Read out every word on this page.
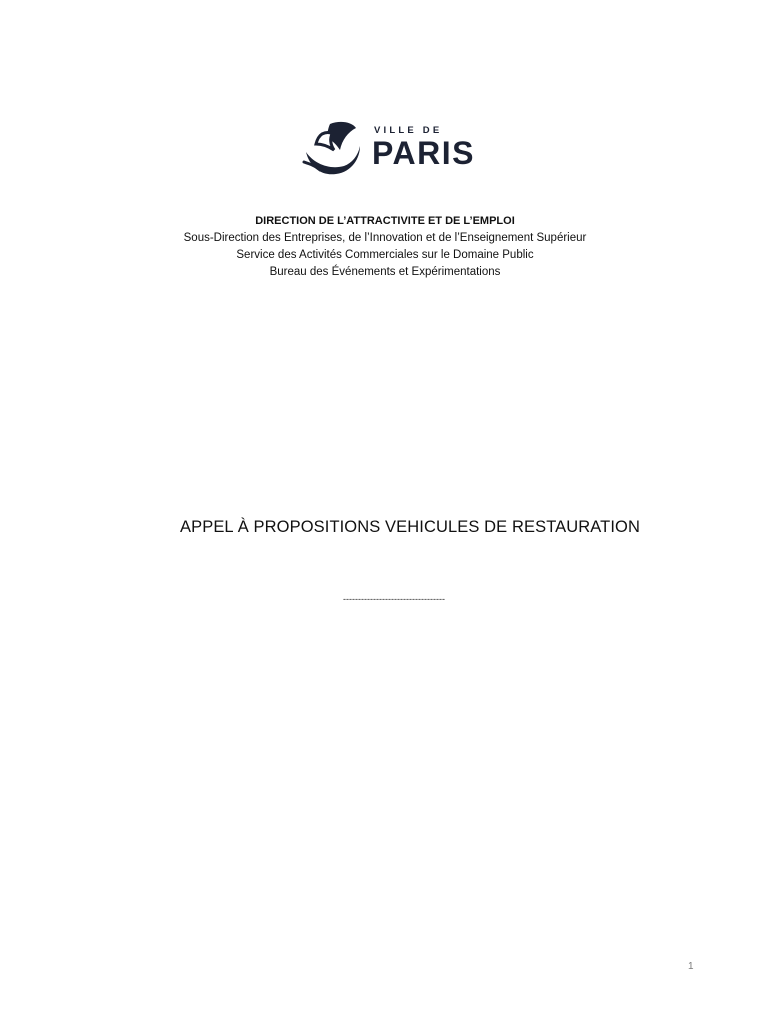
VILLE DE
PARIS
DIRECTION DE L’ATTRACTIVITE ET DE L’EMPLOI
Sous-Direction des Entreprises, de l’Innovation et de l’Enseignement Supérieur
Service des Activités Commerciales sur le Domaine Public
Bureau des Événements et Expérimentations
APPEL À PROPOSITIONS VEHICULES DE RESTAURATION
----------------------------------
1
